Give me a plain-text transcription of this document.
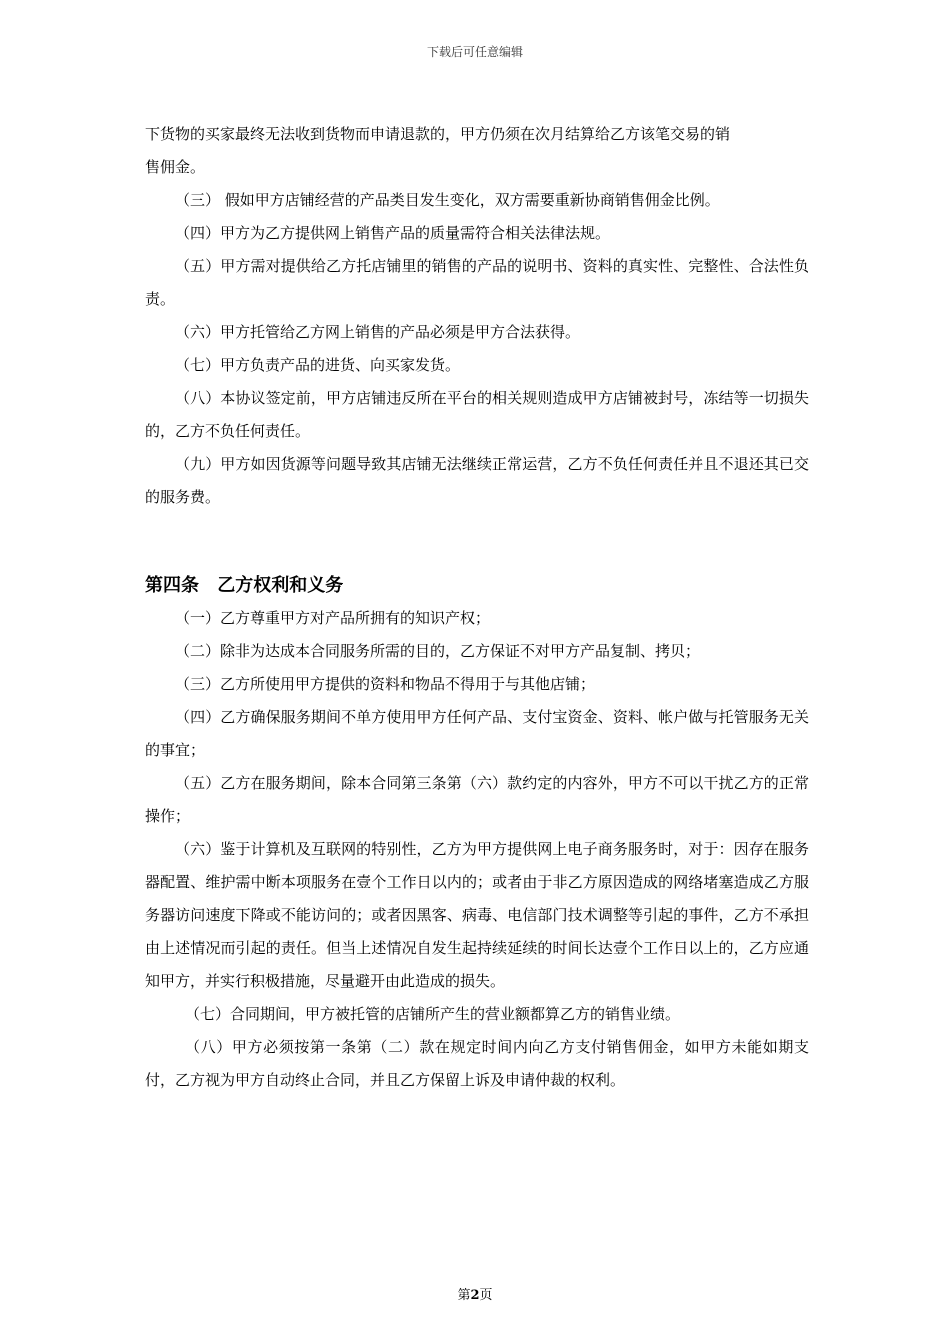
下载后可任意编辑

下货物的买家最终无法收到货物而申请退款的，甲方仍须在次月结算给乙方该笔交易的销

售佣金。

（三） 假如甲方店铺经营的产品类目发生变化，双方需要重新协商销售佣金比例。

（四）甲方为乙方提供网上销售产品的质量需符合相关法律法规。

（五）甲方需对提供给乙方托店铺里的销售的产品的说明书、资料的真实性、完整性、合法性负责。

（六）甲方托管给乙方网上销售的产品必须是甲方合法获得。

（七）甲方负责产品的进货、向买家发货。

（八）本协议签定前，甲方店铺违反所在平台的相关规则造成甲方店铺被封号，冻结等一切损失的，乙方不负任何责任。

（九）甲方如因货源等问题导致其店铺无法继续正常运营，乙方不负任何责任并且不退还其已交的服务费。

第四条 乙方权利和义务

（一）乙方尊重甲方对产品所拥有的知识产权；

（二）除非为达成本合同服务所需的目的，乙方保证不对甲方产品复制、拷贝；

（三）乙方所使用甲方提供的资料和物品不得用于与其他店铺；

（四）乙方确保服务期间不单方使用甲方任何产品、支付宝资金、资料、帐户做与托管服务无关的事宜；

（五）乙方在服务期间，除本合同第三条第（六）款约定的内容外，甲方不可以干扰乙方的正常操作；

（六）鉴于计算机及互联网的特别性，乙方为甲方提供网上电子商务服务时，对于：因存在服务器配置、维护需中断本项服务在壹个工作日以内的；或者由于非乙方原因造成的网络堵塞造成乙方服务器访问速度下降或不能访问的；或者因黑客、病毒、电信部门技术调整等引起的事件，乙方不承担由上述情况而引起的责任。但当上述情况自发生起持续延续的时间长达壹个工作日以上的，乙方应通知甲方，并实行积极措施，尽量避开由此造成的损失。

（七）合同期间，甲方被托管的店铺所产生的营业额都算乙方的销售业绩。

（八）甲方必须按第一条第（二）款在规定时间内向乙方支付销售佣金，如甲方未能如期支付，乙方视为甲方自动终止合同，并且乙方保留上诉及申请仲裁的权利。

第2页
